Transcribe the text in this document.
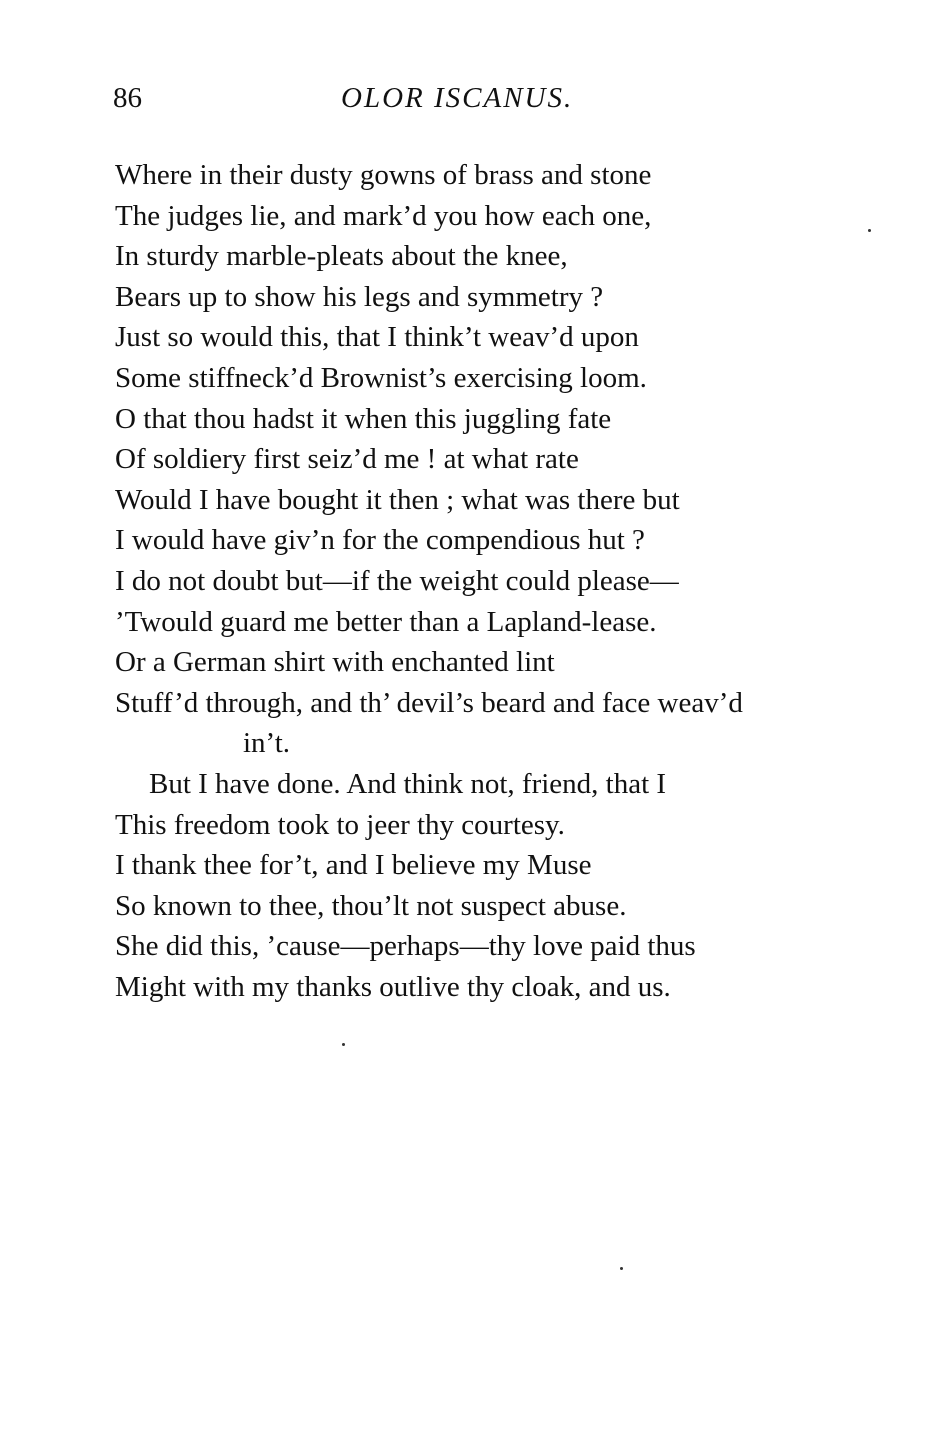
86	OLOR ISCANUS.

Where in their dusty gowns of brass and stone

The judges lie, and mark’d you how each one,

In sturdy marble-pleats about the knee,

Bears up to show his legs and symmetry ?

Just so would this, that I think’t weav’d upon

Some stiffneck’d Brownist’s exercising loom.

O that thou hadst it when this juggling fate

Of soldiery first seiz’d me ! at what rate

Would I have bought it then ; what was there but

I would have giv’n for the compendious hut ?

I do not doubt but—if the weight could please—

’Twould guard me better than a Lapland-lease.

Or a German shirt with enchanted lint

Stuff’d through, and th’ devil’s beard and face weav’d

in’t.

But I have done. And think not, friend, that I

This freedom took to jeer thy courtesy.

I thank thee for’t, and I believe my Muse

So known to thee, thou’lt not suspect abuse.

She did this, ’cause—perhaps—thy love paid thus

Might with my thanks outlive thy cloak, and us.
